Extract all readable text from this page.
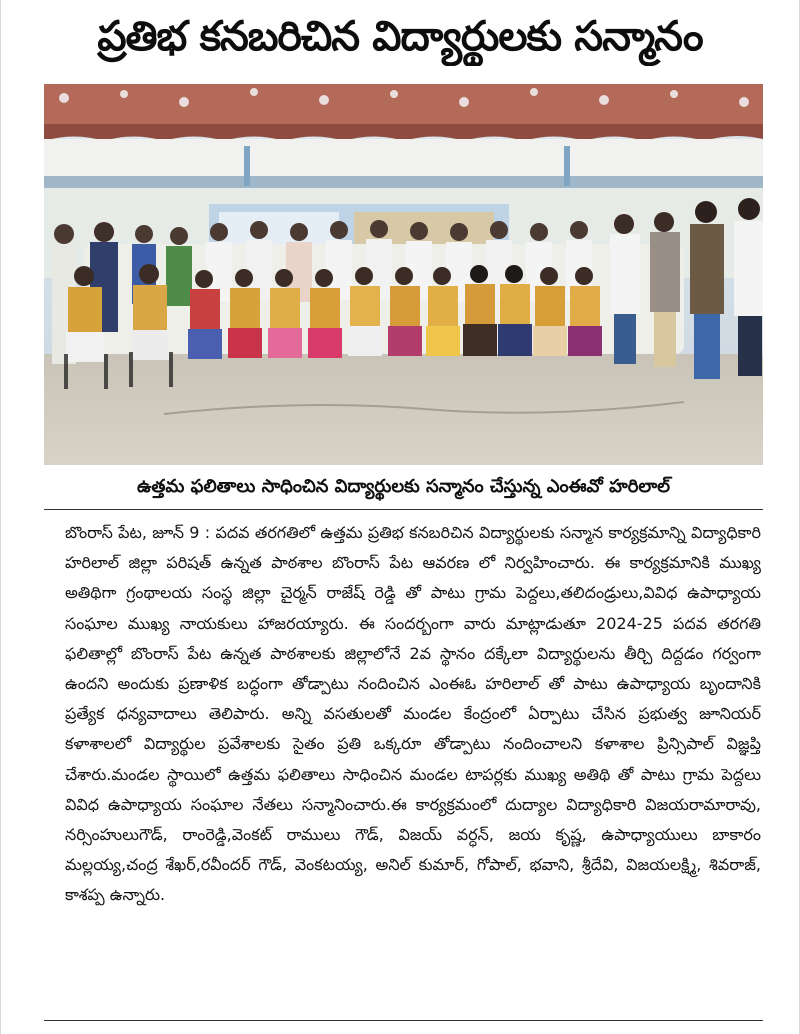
ప్రతిభ కనబరిచిన విద్యార్థులకు సన్మానం
ఉత్తమ ఫలితాలు సాధించిన విద్యార్థులకు సన్మానం చేస్తున్న ఎంఈవో హరిలాల్
బొంరాస్ పేట, జూన్ 9 : పదవ తరగతిలో ఉత్తమ ప్రతిభ కనబరిచిన విద్యార్థులకు సన్మాన కార్యక్రమాన్ని విద్యాధికారి హరిలాల్ జిల్లా పరిషత్ ఉన్నత పాఠశాల బొంరాస్ పేట ఆవరణ లో నిర్వహించారు. ఈ కార్యక్రమానికి ముఖ్య అతిథిగా గ్రంథాలయ సంస్థ జిల్లా చైర్మన్ రాజేష్ రెడ్డి తో పాటు గ్రామ పెద్దలు,తలిదండ్రులు,వివిధ ఉపాధ్యాయ సంఘాల ముఖ్య నాయకులు హాజరయ్యారు. ఈ సందర్బంగా వారు మాట్లాడుతూ 2024-25 పదవ తరగతి ఫలితాల్లో బొంరాస్ పేట ఉన్నత పాఠశాలకు జిల్లాలోనే 2వ స్థానం దక్కేలా విద్యార్థులను తీర్చి దిద్దడం గర్వంగా ఉందని అందుకు ప్రణాళిక బద్ధంగా తోడ్పాటు నందించిన ఎంఈఓ హరిలాల్ తో పాటు ఉపాధ్యాయ బృందానికి ప్రత్యేక ధన్యవాదాలు తెలిపారు. అన్ని వసతులతో మండల కేంద్రంలో ఏర్పాటు చేసిన ప్రభుత్వ జూనియర్ కళాశాలలో విద్యార్థుల ప్రవేశాలకు సైతం ప్రతి ఒక్కరూ తోడ్పాటు నందించాలని కళాశాల ప్రిన్సిపాల్ విజ్ఞప్తి చేశారు.మండల స్థాయిలో ఉత్తమ ఫలితాలు సాధించిన మండల టాపర్లకు ముఖ్య అతిథి తో పాటు గ్రామ పెద్దలు వివిధ ఉపాధ్యాయ సంఘాల నేతలు సన్మానించారు.ఈ కార్యక్రమంలో దుద్యాల విద్యాధికారి విజయరామారావు, నర్సింహులుగౌడ్, రాంరెడ్డి,వెంకట్ రాములు గౌడ్, విజయ్ వర్ధన్, జయ కృష్ణ, ఉపాధ్యాయులు బాకారం మల్లయ్య,చంద్ర శేఖర్,రవీందర్ గౌడ్, వెంకటయ్య, అనిల్ కుమార్, గోపాల్, భవాని, శ్రీదేవి, విజయలక్ష్మి, శివరాజ్, కాశప్ప ఉన్నారు.
